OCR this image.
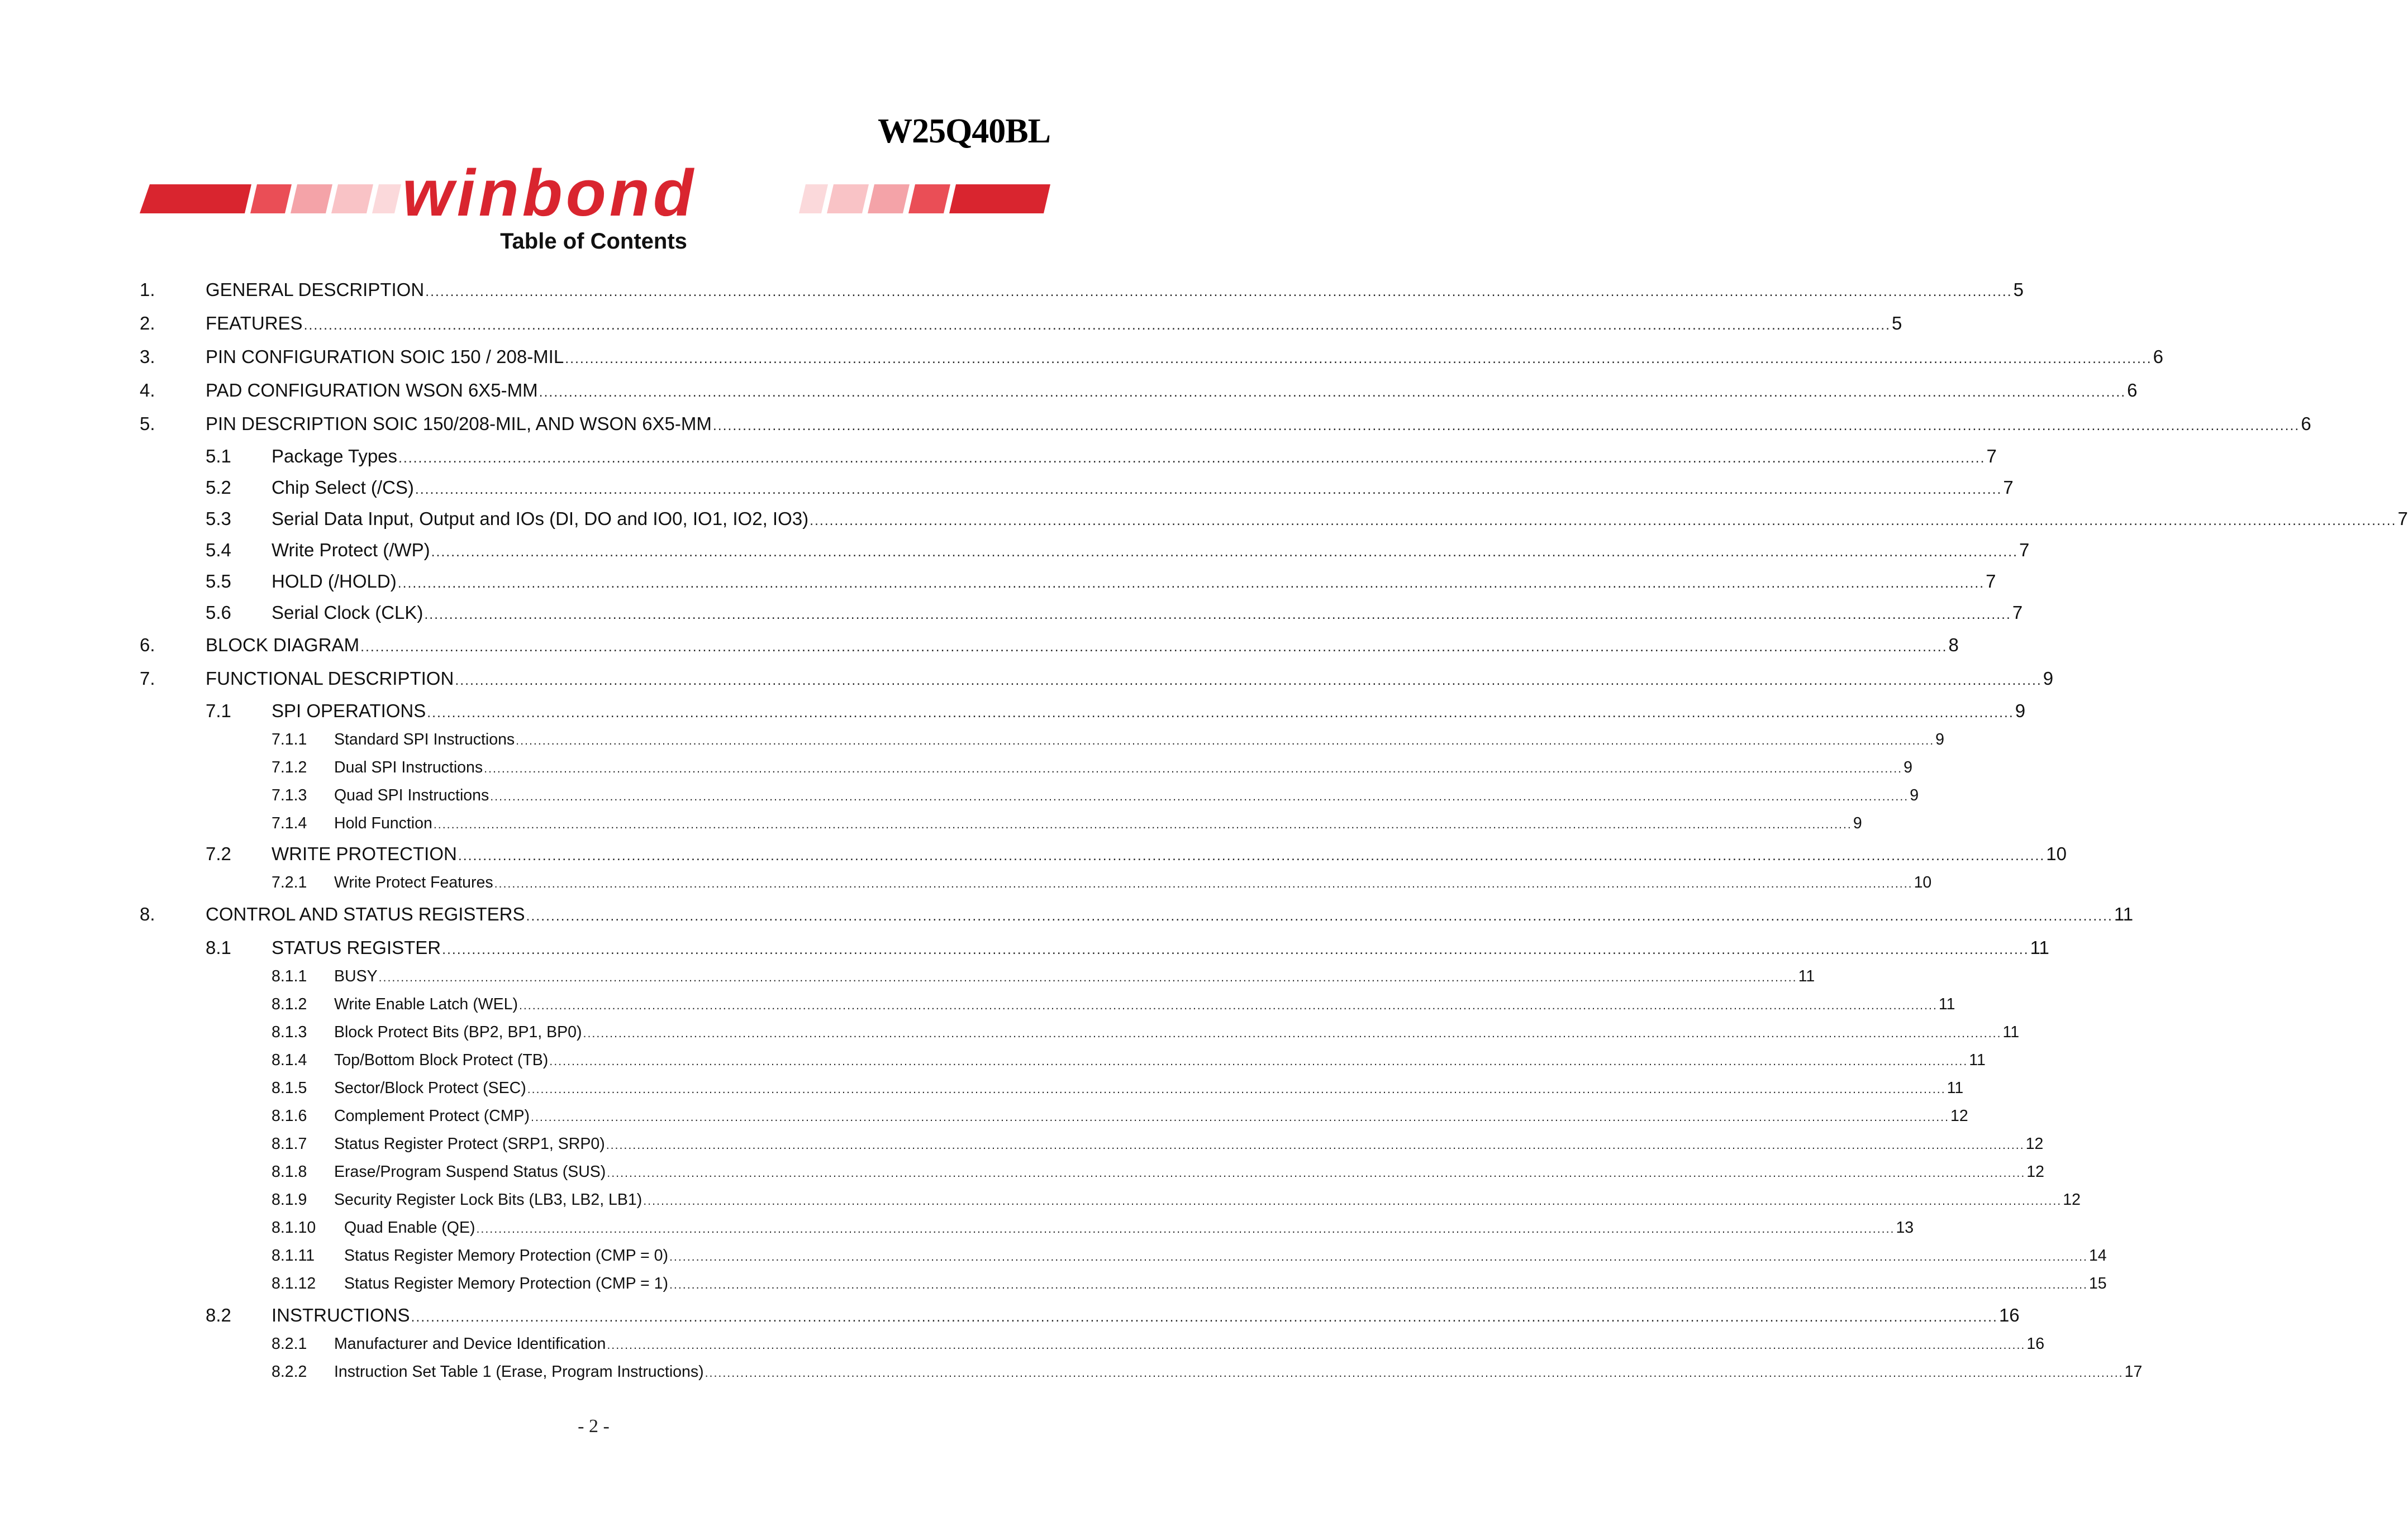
W25Q40BL
winbond
Table of Contents
1.	GENERAL DESCRIPTION ................................................................................................................................................................................................................................................................................................................................ 5
2.	FEATURES ................................................................................................................................................................................................................................................................................................................................ 5
3.	PIN CONFIGURATION SOIC 150 / 208-MIL ................................................................................................................................................................................................................................................................................................................................ 6
4.	PAD CONFIGURATION WSON 6X5-MM ................................................................................................................................................................................................................................................................................................................................ 6
5.	PIN DESCRIPTION SOIC 150/208-MIL, AND WSON 6X5-MM ................................................................................................................................................................................................................................................................................................................................ 6
5.1	Package Types ................................................................................................................................................................................................................................................................................................................................ 7
5.2	Chip Select (/CS) ................................................................................................................................................................................................................................................................................................................................ 7
5.3	Serial Data Input, Output and IOs (DI, DO and IO0, IO1, IO2, IO3) ................................................................................................................................................................................................................................................................................................................................ 7
5.4	Write Protect (/WP) ................................................................................................................................................................................................................................................................................................................................ 7
5.5	HOLD (/HOLD) ................................................................................................................................................................................................................................................................................................................................ 7
5.6	Serial Clock (CLK) ................................................................................................................................................................................................................................................................................................................................ 7
6.	BLOCK DIAGRAM ................................................................................................................................................................................................................................................................................................................................ 8
7.	FUNCTIONAL DESCRIPTION ................................................................................................................................................................................................................................................................................................................................ 9
7.1	SPI OPERATIONS ................................................................................................................................................................................................................................................................................................................................ 9
7.1.1	Standard SPI Instructions ................................................................................................................................................................................................................................................................................................................................ 9
7.1.2	Dual SPI Instructions ................................................................................................................................................................................................................................................................................................................................ 9
7.1.3	Quad SPI Instructions ................................................................................................................................................................................................................................................................................................................................ 9
7.1.4	Hold Function ................................................................................................................................................................................................................................................................................................................................ 9
7.2	WRITE PROTECTION ................................................................................................................................................................................................................................................................................................................................ 10
7.2.1	Write Protect Features ................................................................................................................................................................................................................................................................................................................................ 10
8.	CONTROL AND STATUS REGISTERS ................................................................................................................................................................................................................................................................................................................................ 11
8.1	STATUS REGISTER ................................................................................................................................................................................................................................................................................................................................ 11
8.1.1	BUSY ................................................................................................................................................................................................................................................................................................................................ 11
8.1.2	Write Enable Latch (WEL) ................................................................................................................................................................................................................................................................................................................................ 11
8.1.3	Block Protect Bits (BP2, BP1, BP0) ................................................................................................................................................................................................................................................................................................................................ 11
8.1.4	Top/Bottom Block Protect (TB) ................................................................................................................................................................................................................................................................................................................................ 11
8.1.5	Sector/Block Protect (SEC) ................................................................................................................................................................................................................................................................................................................................ 11
8.1.6	Complement Protect (CMP) ................................................................................................................................................................................................................................................................................................................................ 12
8.1.7	Status Register Protect (SRP1, SRP0) ................................................................................................................................................................................................................................................................................................................................ 12
8.1.8	Erase/Program Suspend Status (SUS) ................................................................................................................................................................................................................................................................................................................................ 12
8.1.9	Security Register Lock Bits (LB3, LB2, LB1) ................................................................................................................................................................................................................................................................................................................................ 12
8.1.10	Quad Enable (QE) ................................................................................................................................................................................................................................................................................................................................ 13
8.1.11	Status Register Memory Protection (CMP = 0) ................................................................................................................................................................................................................................................................................................................................ 14
8.1.12	Status Register Memory Protection (CMP = 1) ................................................................................................................................................................................................................................................................................................................................ 15
8.2	INSTRUCTIONS ................................................................................................................................................................................................................................................................................................................................ 16
8.2.1	Manufacturer and Device Identification ................................................................................................................................................................................................................................................................................................................................ 16
8.2.2	Instruction Set Table 1 (Erase, Program Instructions) ................................................................................................................................................................................................................................................................................................................................ 17
- 2 -
